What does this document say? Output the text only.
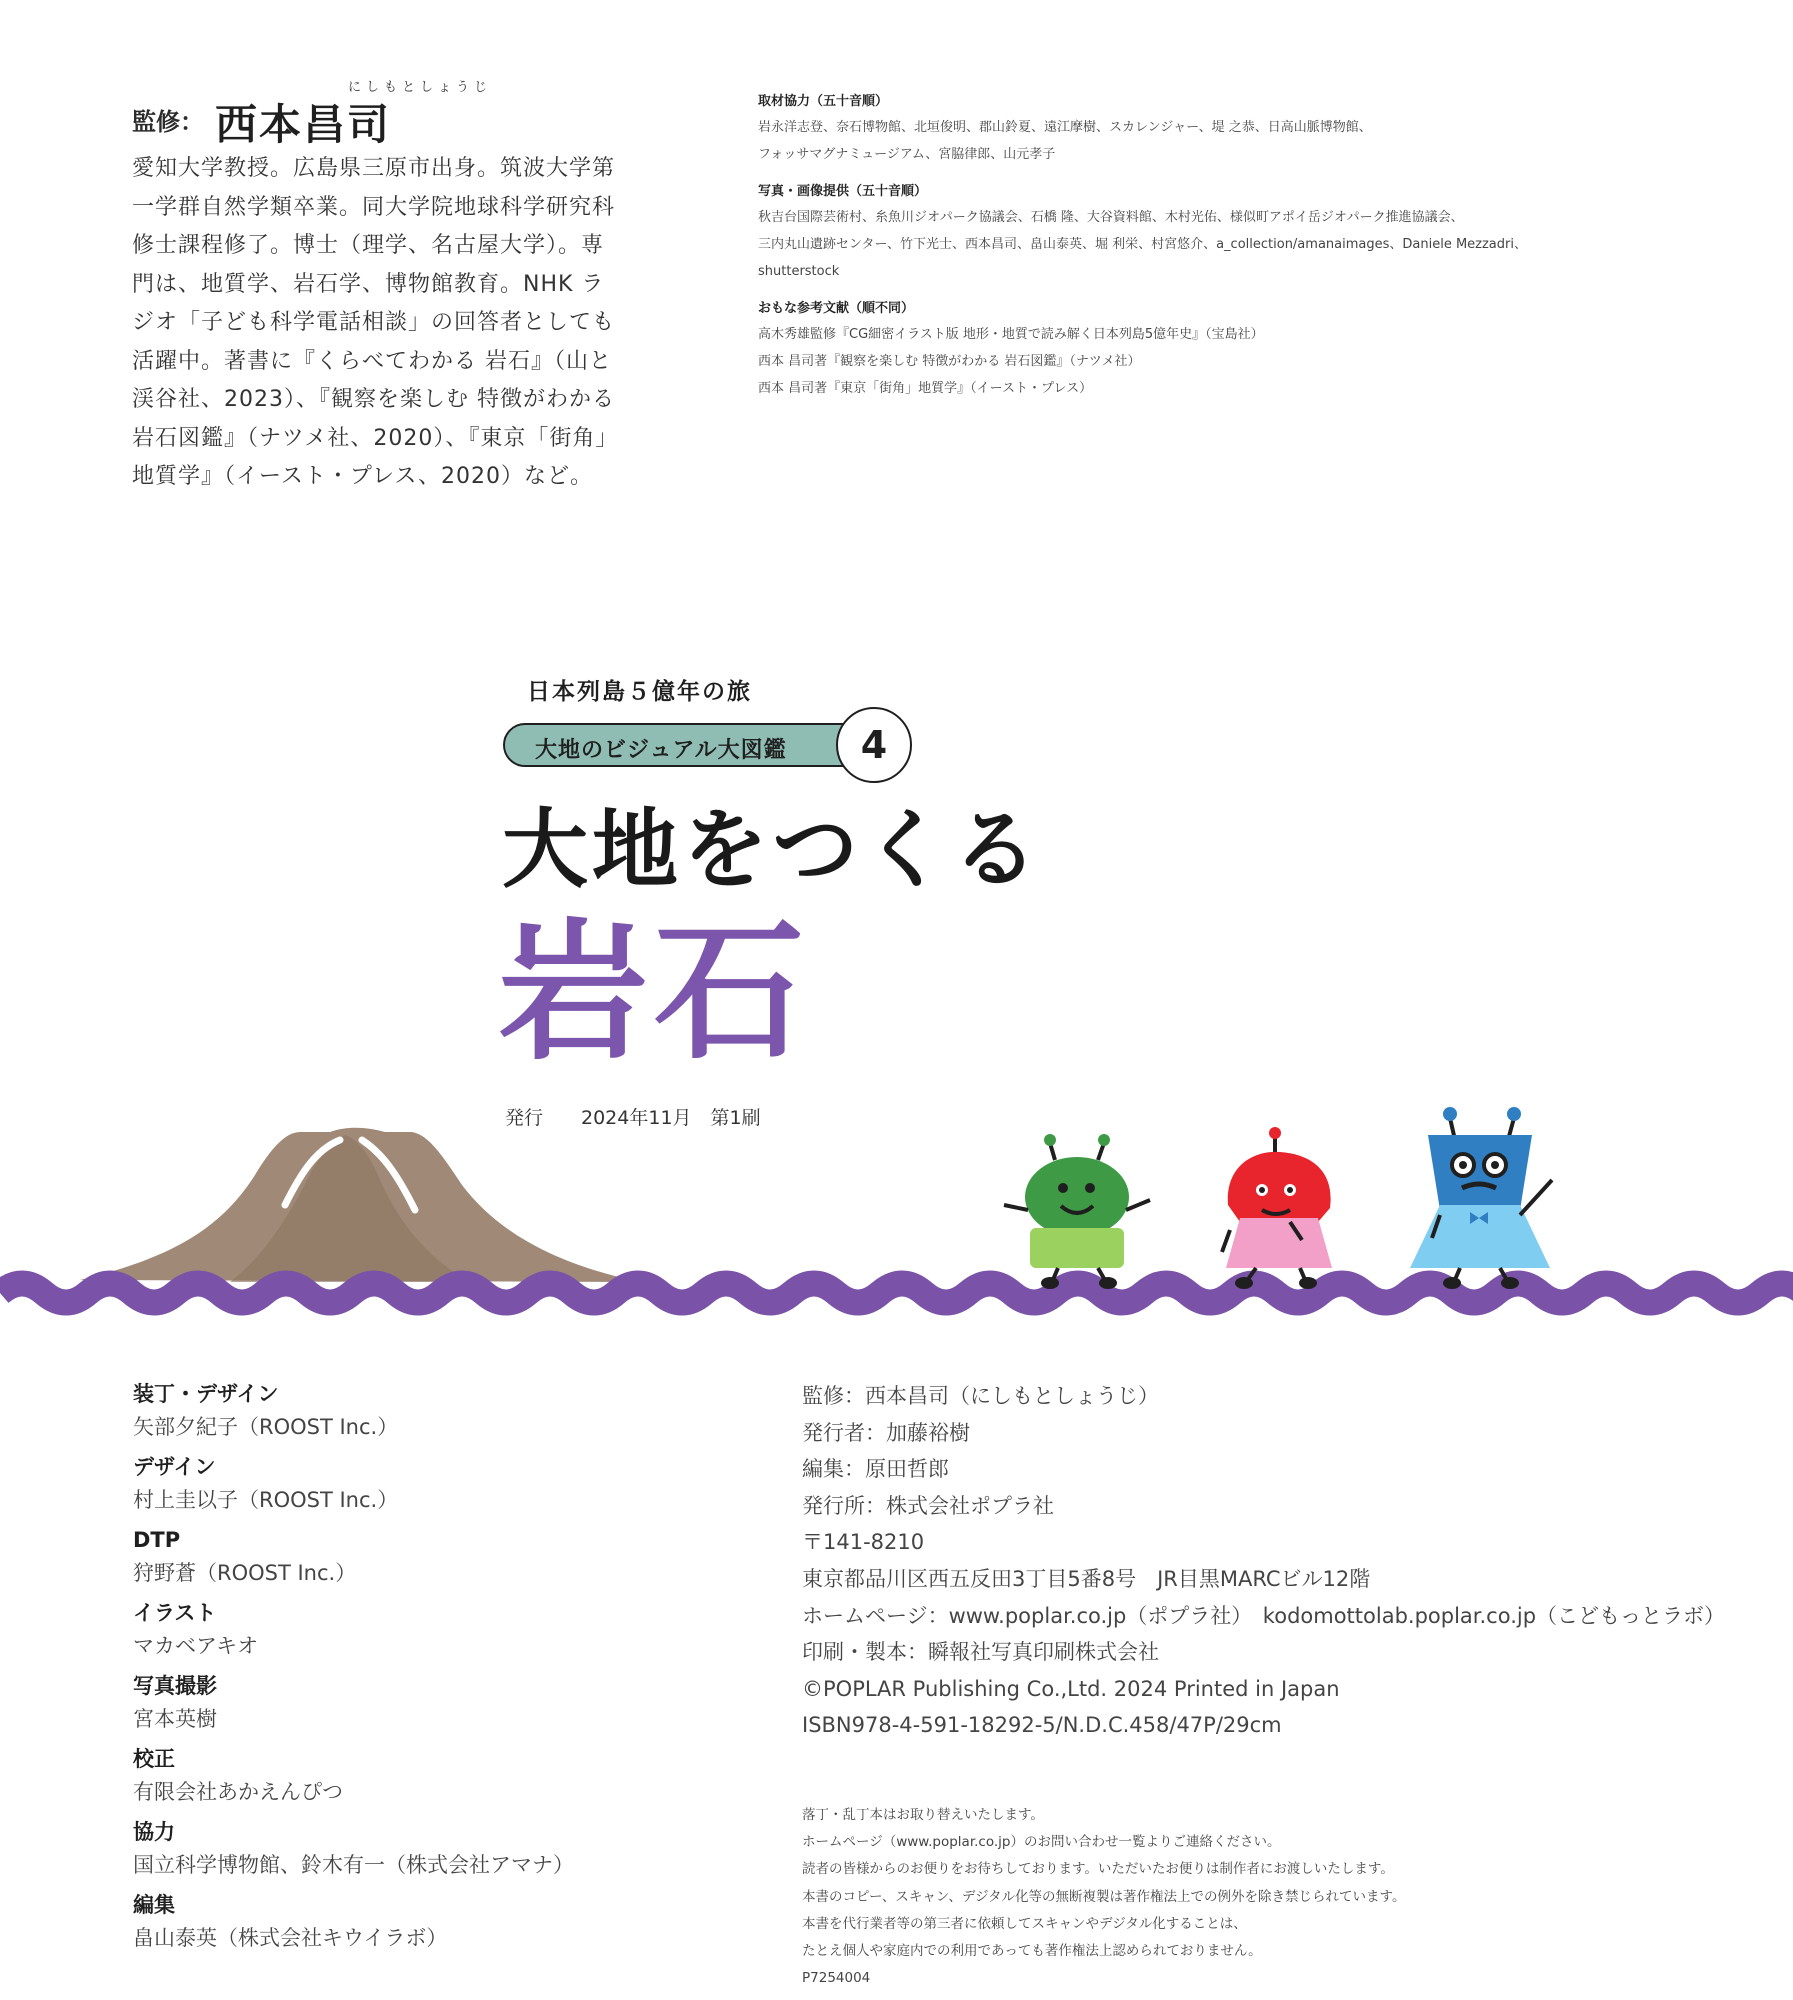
にしもとしょうじ
監修： 西本昌司
愛知大学教授。広島県三原市出身。筑波大学第
一学群自然学類卒業。同大学院地球科学研究科
修士課程修了。博士（理学、名古屋大学）。専
門は、地質学、岩石学、博物館教育。NHK ラ
ジオ「子ども科学電話相談」の回答者としても
活躍中。著書に『くらべてわかる 岩石』（山と
渓谷社、2023）、『観察を楽しむ 特徴がわかる
岩石図鑑』（ナツメ社、2020）、『東京「街角」
地質学』（イースト・プレス、2020）など。
取材協力（五十音順）
岩永洋志登、奈石博物館、北垣俊明、郡山鈴夏、遠江摩樹、スカレンジャー、堤 之恭、日高山脈博物館、
フォッサマグナミュージアム、宮脇律郎、山元孝子
写真・画像提供（五十音順）
秋吉台国際芸術村、糸魚川ジオパーク協議会、石橋 隆、大谷資料館、木村光佑、様似町アポイ岳ジオパーク推進協議会、
三内丸山遺跡センター、竹下光士、西本昌司、畠山泰英、堀 利栄、村宮悠介、a_collection/amanaimages、Daniele Mezzadri、
shutterstock
おもな参考文献（順不同）
高木秀雄監修『CG細密イラスト版 地形・地質で読み解く日本列島5億年史』（宝島社）
西本 昌司著『観察を楽しむ 特徴がわかる 岩石図鑑』（ナツメ社）
西本 昌司著『東京「街角」地質学』（イースト・プレス）
日本列島５億年の旅
大地のビジュアル大図鑑	4
大地をつくる
岩石
発行　　2024年11月　第1刷
装丁・デザイン
矢部夕紀子（ROOST Inc.）
デザイン
村上圭以子（ROOST Inc.）
DTP
狩野蒼（ROOST Inc.）
イラスト
マカベアキオ
写真撮影
宮本英樹
校正
有限会社あかえんぴつ
協力
国立科学博物館、鈴木有一（株式会社アマナ）
編集
畠山泰英（株式会社キウイラボ）
監修：西本昌司（にしもとしょうじ）
発行者：加藤裕樹
編集：原田哲郎
発行所：株式会社ポプラ社
〒141-8210
東京都品川区西五反田3丁目5番8号　JR目黒MARCビル12階
ホームページ：www.poplar.co.jp（ポプラ社）　kodomottolab.poplar.co.jp（こどもっとラボ）
印刷・製本：瞬報社写真印刷株式会社
©POPLAR Publishing Co.,Ltd. 2024 Printed in Japan
ISBN978-4-591-18292-5/N.D.C.458/47P/29cm
落丁・乱丁本はお取り替えいたします。
ホームページ（www.poplar.co.jp）のお問い合わせ一覧よりご連絡ください。
読者の皆様からのお便りをお待ちしております。いただいたお便りは制作者にお渡しいたします。
本書のコピー、スキャン、デジタル化等の無断複製は著作権法上での例外を除き禁じられています。
本書を代行業者等の第三者に依頼してスキャンやデジタル化することは、
たとえ個人や家庭内での利用であっても著作権法上認められておりません。
P7254004
